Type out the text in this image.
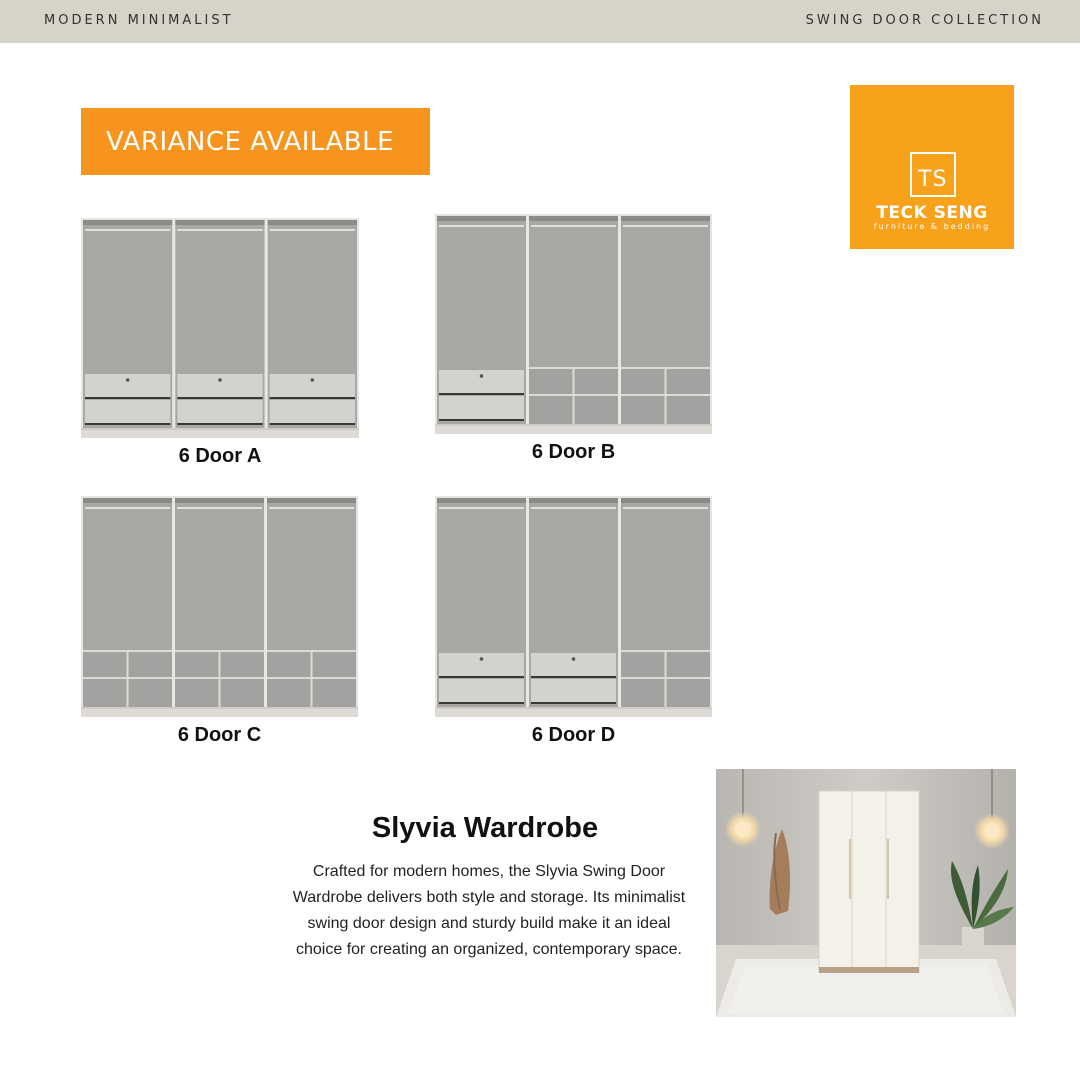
MODERN MINIMALIST	SWING DOOR COLLECTION
VARIANCE AVAILABLE
TS
TECK SENG
furniture & bedding
6 Door A	6 Door B
6 Door C	6 Door D
Slyvia Wardrobe
Crafted for modern homes, the Slyvia Swing Door Wardrobe delivers both style and storage. Its minimalist swing door design and sturdy build make it an ideal choice for creating an organized, contemporary space.
